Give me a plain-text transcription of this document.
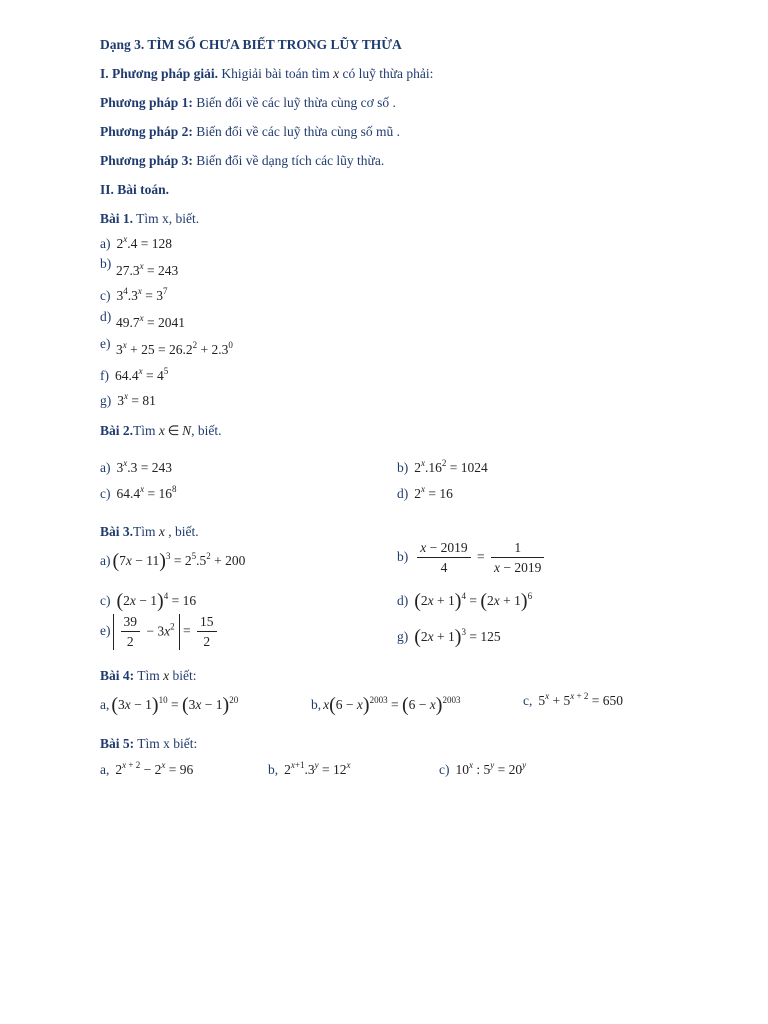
Dạng 3. TÌM SỐ CHƯA BIẾT TRONG LŨY THỪA
I. Phương pháp giải. Khigiải bài toán tìm x có luỹ thừa phải:
Phương pháp 1: Biến đổi về các luỹ thừa cùng cơ số .
Phương pháp 2: Biến đổi về các luỹ thừa cùng số mũ .
Phương pháp 3: Biến đổi về dạng tích các lũy thừa.
II. Bài toán.
Bài 1. Tìm x, biết.
a) $2^x.4 = 128$
b) $27.3^x = 243$
c) $3^4.3^x = 3^7$
d) $49.7^x = 2041$
e) $3^x + 25 = 26.2^2 + 2.3^0$
f) $64.4^x = 4^5$
g) $3^x = 81$
Bài 2.Tìm x  ∈  N, biết.
a) $3^x.3 = 243$	b) $2^x.16^2 = 1024$
c) $64.4^x = 16^8$	d) $2^x = 16$
Bài 3.Tìm x , biết.
a) $(7x - 11)^3 = 2^5.5^2 + 200$	$b) \frac{x - 2019}{4} = \frac{1}{x - 2019}$
c) $(2x - 1)^4 = 16$	d) $(2x + 1)^4 = (2x + 1)^6$
$e) \frac{39}{2} - 3x^2 = \frac{15}{2}$	g) $(2x + 1)^3 = 125$
Bài 4: Tìm x biết:
a, $(3x - 1)^{10} = (3x - 1)^{20}$	b, $x(6 - x)^{2003} = (6 - x)^{2003}$	c, $5^x + 5^{x + 2} = 650$
Bài 5: Tìm x biết:
a, $2^{x + 2} - 2^x = 96$	b, $2^{x+1}.3^y = 12^x$	c) 10$^x$ : $5^y = 20^y$
